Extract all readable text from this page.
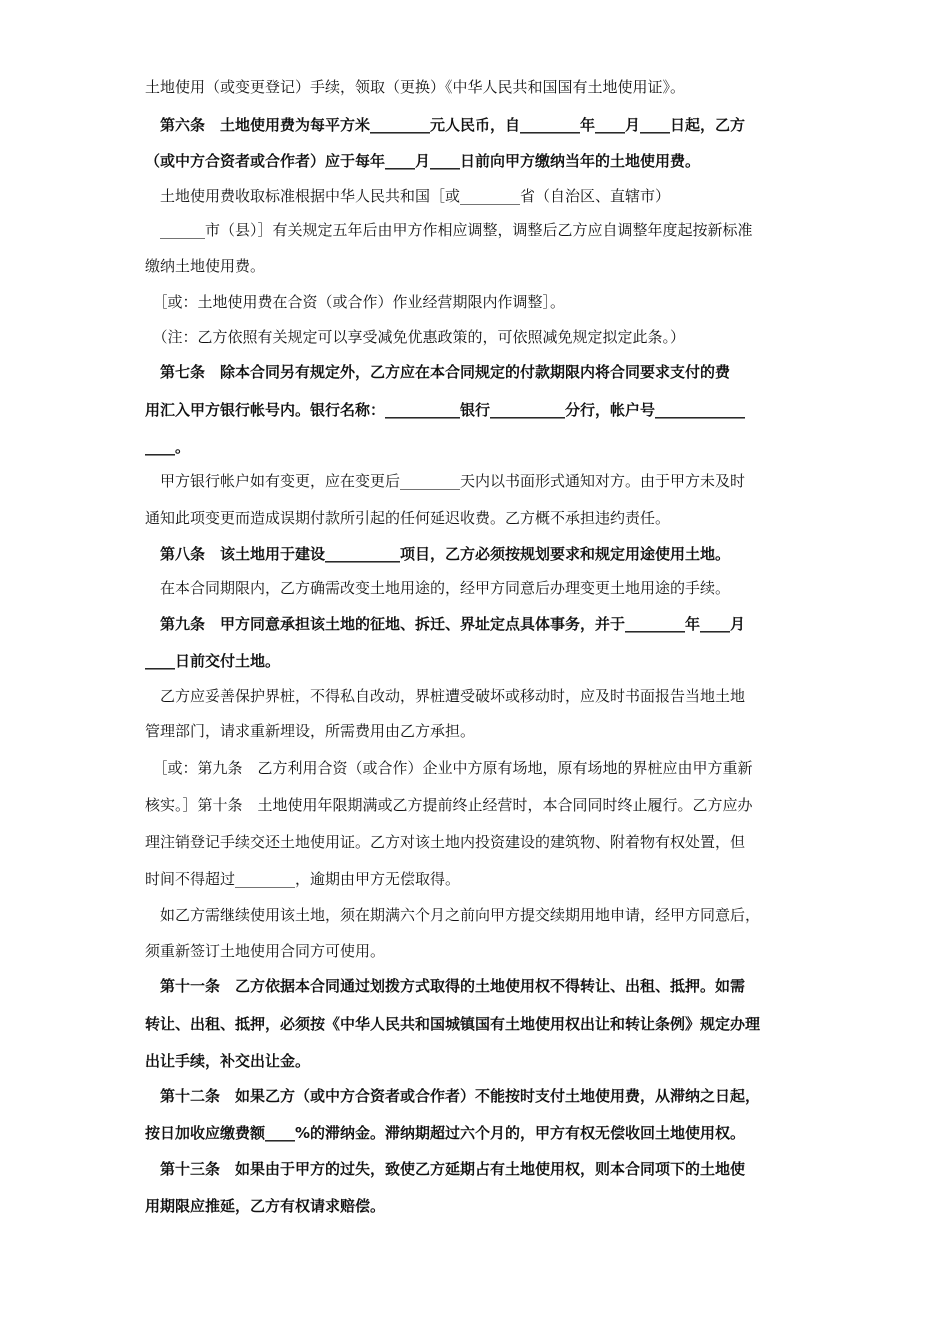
土地使用（或变更登记）手续，领取（更换）《中华人民共和国国有土地使用证》。
　第六条　土地使用费为每平方米________元人民币，自________年____月____日起，乙方
（或中方合资者或合作者）应于每年____月____日前向甲方缴纳当年的土地使用费。
　土地使用费收取标准根据中华人民共和国［或________省（自治区、直辖市）
　______市（县）］有关规定五年后由甲方作相应调整，调整后乙方应自调整年度起按新标准
缴纳土地使用费。
　［或：土地使用费在合资（或合作）作业经营期限内作调整］。
　（注：乙方依照有关规定可以享受减免优惠政策的，可依照减免规定拟定此条。）
　第七条　除本合同另有规定外，乙方应在本合同规定的付款期限内将合同要求支付的费
用汇入甲方银行帐号内。银行名称：__________银行__________分行，帐户号____________
____。
　甲方银行帐户如有变更，应在变更后________天内以书面形式通知对方。由于甲方未及时
通知此项变更而造成误期付款所引起的任何延迟收费。乙方概不承担违约责任。
　第八条　该土地用于建设__________项目，乙方必须按规划要求和规定用途使用土地。
　在本合同期限内，乙方确需改变土地用途的，经甲方同意后办理变更土地用途的手续。
　第九条　甲方同意承担该土地的征地、拆迁、界址定点具体事务，并于________年____月
____日前交付土地。
　乙方应妥善保护界桩，不得私自改动，界桩遭受破坏或移动时，应及时书面报告当地土地
管理部门，请求重新埋设，所需费用由乙方承担。
　［或：第九条　乙方利用合资（或合作）企业中方原有场地，原有场地的界桩应由甲方重新
核实。］第十条　土地使用年限期满或乙方提前终止经营时，本合同同时终止履行。乙方应办
理注销登记手续交还土地使用证。乙方对该土地内投资建设的建筑物、附着物有权处置，但
时间不得超过________，逾期由甲方无偿取得。
　如乙方需继续使用该土地，须在期满六个月之前向甲方提交续期用地申请，经甲方同意后，
须重新签订土地使用合同方可使用。
　第十一条　乙方依据本合同通过划拨方式取得的土地使用权不得转让、出租、抵押。如需
转让、出租、抵押，必须按《中华人民共和国城镇国有土地使用权出让和转让条例》规定办理
出让手续，补交出让金。
　第十二条　如果乙方（或中方合资者或合作者）不能按时支付土地使用费，从滞纳之日起，
按日加收应缴费额____%的滞纳金。滞纳期超过六个月的，甲方有权无偿收回土地使用权。
　第十三条　如果由于甲方的过失，致使乙方延期占有土地使用权，则本合同项下的土地使
用期限应推延，乙方有权请求赔偿。
